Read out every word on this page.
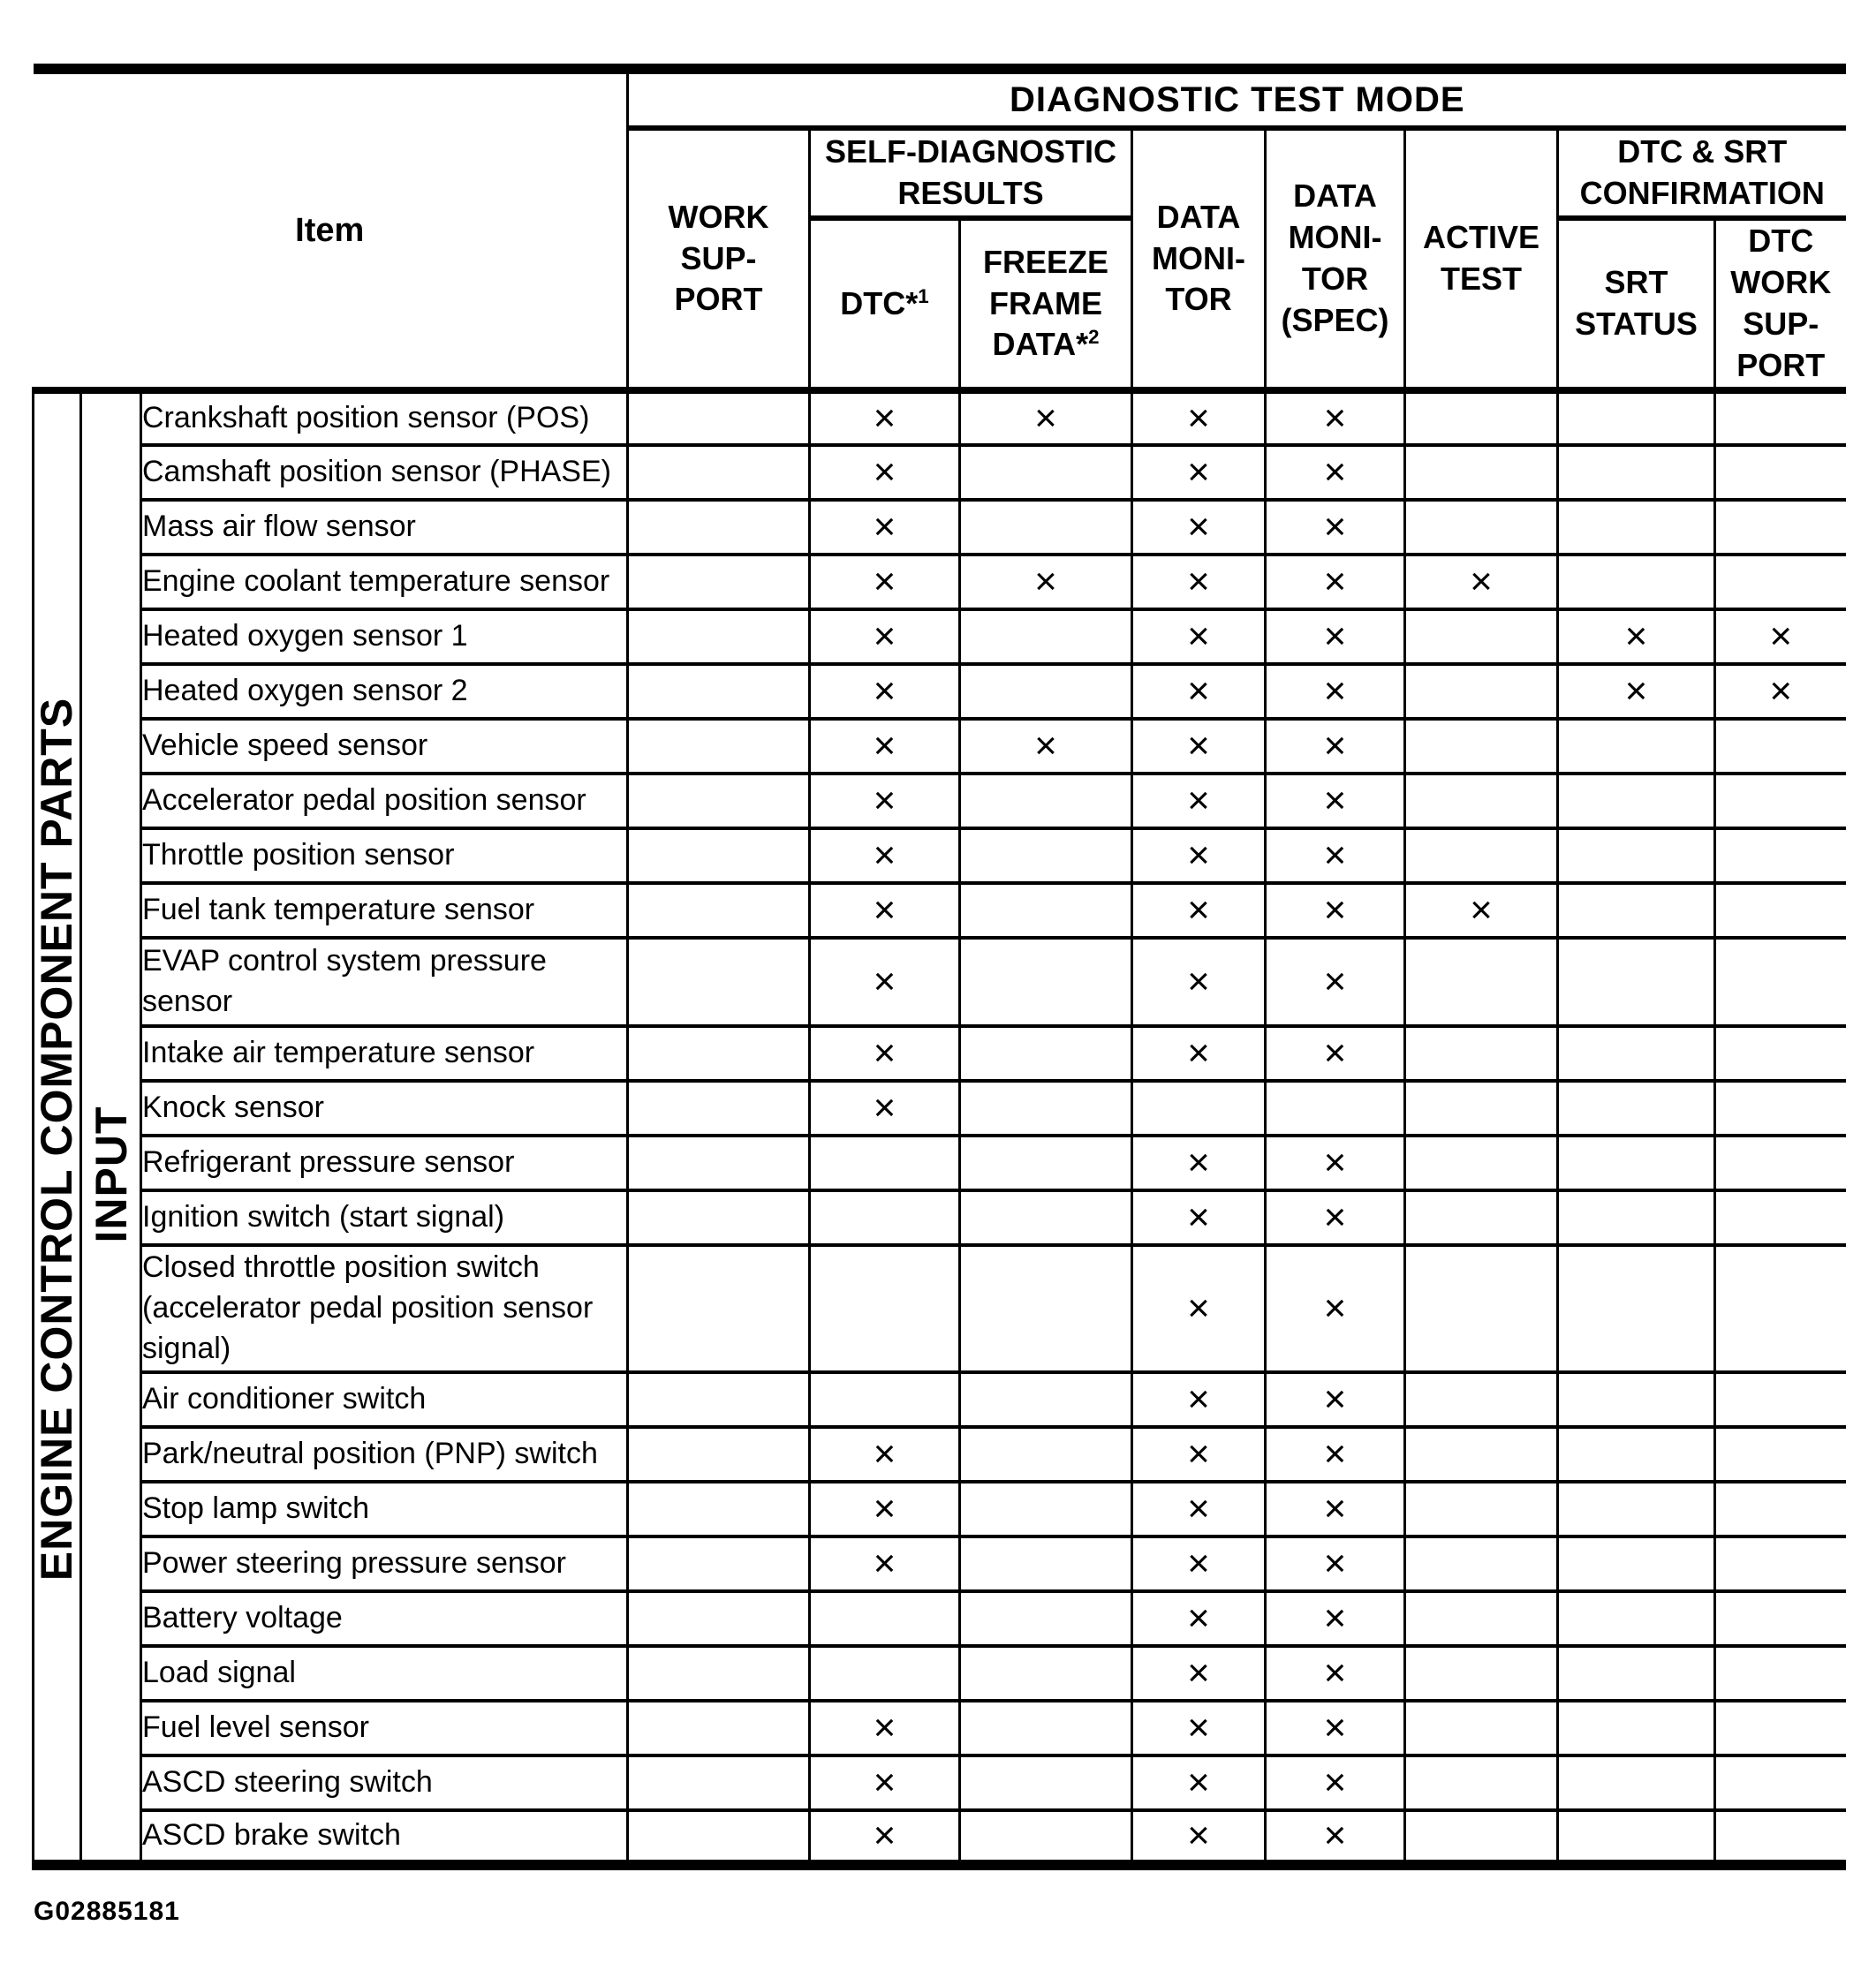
Item			DIAGNOSTIC TEST MODE							
			WORK SUP-PORT	SELF-DIAGNOSTIC RESULTS		DATA MONI-TOR	DATA MONI-TOR (SPEC)	ACTIVE TEST	DTC & SRT CONFIRMATION	
				DTC*$^1$	FREEZE FRAME DATA*$^2$				SRT STATUS	DTC WORK SUP-PORT
		Crankshaft position sensor (POS)		×	×	×	×			
		Camshaft position sensor (PHASE)		×		×	×			
		Mass air flow sensor		×		×	×			
		Engine coolant temperature sensor		×	×	×	×	×		
		Heated oxygen sensor 1		×		×	×		×	×
		Heated oxygen sensor 2		×		×	×		×	×
		Vehicle speed sensor		×	×	×	×			
		Accelerator pedal position sensor		×		×	×			
		Throttle position sensor		×		×	×			
		Fuel tank temperature sensor		×		×	×	×		
		EVAP control system pressure sensor		×		×	×			
		Intake air temperature sensor		×		×	×			
		Knock sensor		×						
		Refrigerant pressure sensor				×	×			
		Ignition switch (start signal)				×	×			
		Closed throttle position switch (accelerator pedal position sensor signal)				×	×			
		Air conditioner switch				×	×			
		Park/neutral position (PNP) switch		×		×	×			
		Stop lamp switch		×		×	×			
		Power steering pressure sensor		×		×	×			
		Battery voltage				×	×			
		Load signal				×	×			
		Fuel level sensor		×		×	×			
		ASCD steering switch		×		×	×			
		ASCD brake switch		×		×	×			
ENGINE CONTROL COMPONENT PARTS INPUT
G02885181
